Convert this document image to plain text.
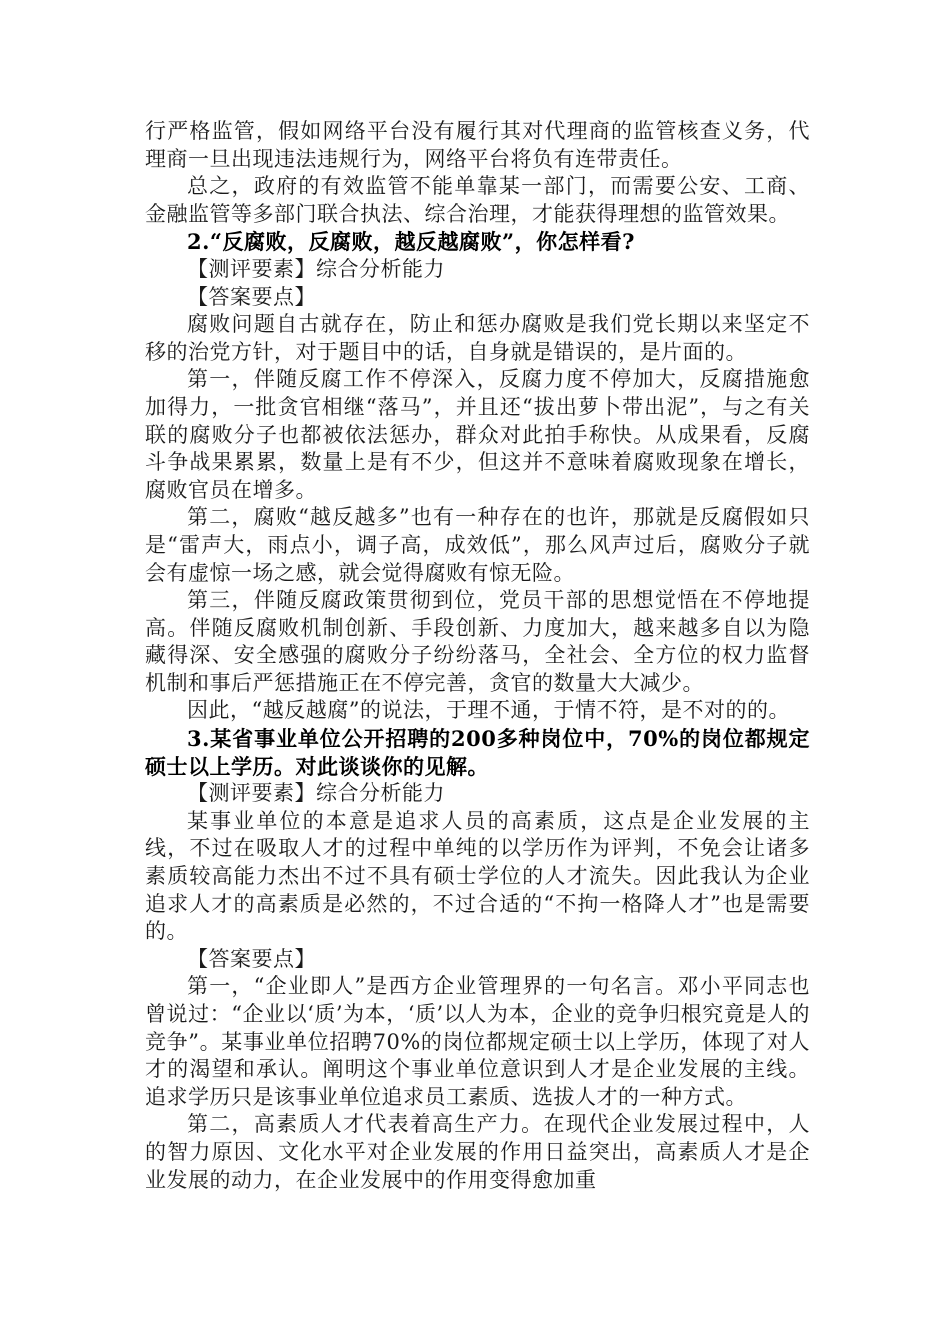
行严格监管，假如网络平台没有履行其对代理商的监管核查义务，代理商一旦出现违法违规行为，网络平台将负有连带责任。

总之，政府的有效监管不能单靠某一部门，而需要公安、工商、金融监管等多部门联合执法、综合治理，才能获得理想的监管效果。

2.“反腐败，反腐败，越反越腐败”，你怎样看?

【测评要素】综合分析能力

【答案要点】

腐败问题自古就存在，防止和惩办腐败是我们党长期以来坚定不移的治党方针，对于题目中的话，自身就是错误的，是片面的。

第一，伴随反腐工作不停深入，反腐力度不停加大，反腐措施愈加得力，一批贪官相继“落马”，并且还“拔出萝卜带出泥”，与之有关联的腐败分子也都被依法惩办，群众对此拍手称快。从成果看，反腐斗争战果累累，数量上是有不少，但这并不意味着腐败现象在增长，腐败官员在增多。

第二，腐败“越反越多”也有一种存在的也许，那就是反腐假如只是“雷声大，雨点小，调子高，成效低”，那么风声过后，腐败分子就会有虚惊一场之感，就会觉得腐败有惊无险。

第三，伴随反腐政策贯彻到位，党员干部的思想觉悟在不停地提高。伴随反腐败机制创新、手段创新、力度加大，越来越多自以为隐藏得深、安全感强的腐败分子纷纷落马，全社会、全方位的权力监督机制和事后严惩措施正在不停完善，贪官的数量大大减少。

因此，“越反越腐”的说法，于理不通，于情不符，是不对的的。

3.某省事业单位公开招聘的200多种岗位中，70%的岗位都规定硕士以上学历。对此谈谈你的见解。

【测评要素】综合分析能力

某事业单位的本意是追求人员的高素质，这点是企业发展的主线，不过在吸取人才的过程中单纯的以学历作为评判，不免会让诸多素质较高能力杰出不过不具有硕士学位的人才流失。因此我认为企业追求人才的高素质是必然的，不过合适的“不拘一格降人才”也是需要的。

【答案要点】

第一，“企业即人”是西方企业管理界的一句名言。邓小平同志也曾说过：“企业以‘质’为本，‘质’以人为本，企业的竞争归根究竟是人的竞争”。某事业单位招聘70%的岗位都规定硕士以上学历，体现了对人才的渴望和承认。阐明这个事业单位意识到人才是企业发展的主线。追求学历只是该事业单位追求员工素质、选拔人才的一种方式。

第二，高素质人才代表着高生产力。在现代企业发展过程中，人的智力原因、文化水平对企业发展的作用日益突出，高素质人才是企业发展的动力，在企业发展中的作用变得愈加重
